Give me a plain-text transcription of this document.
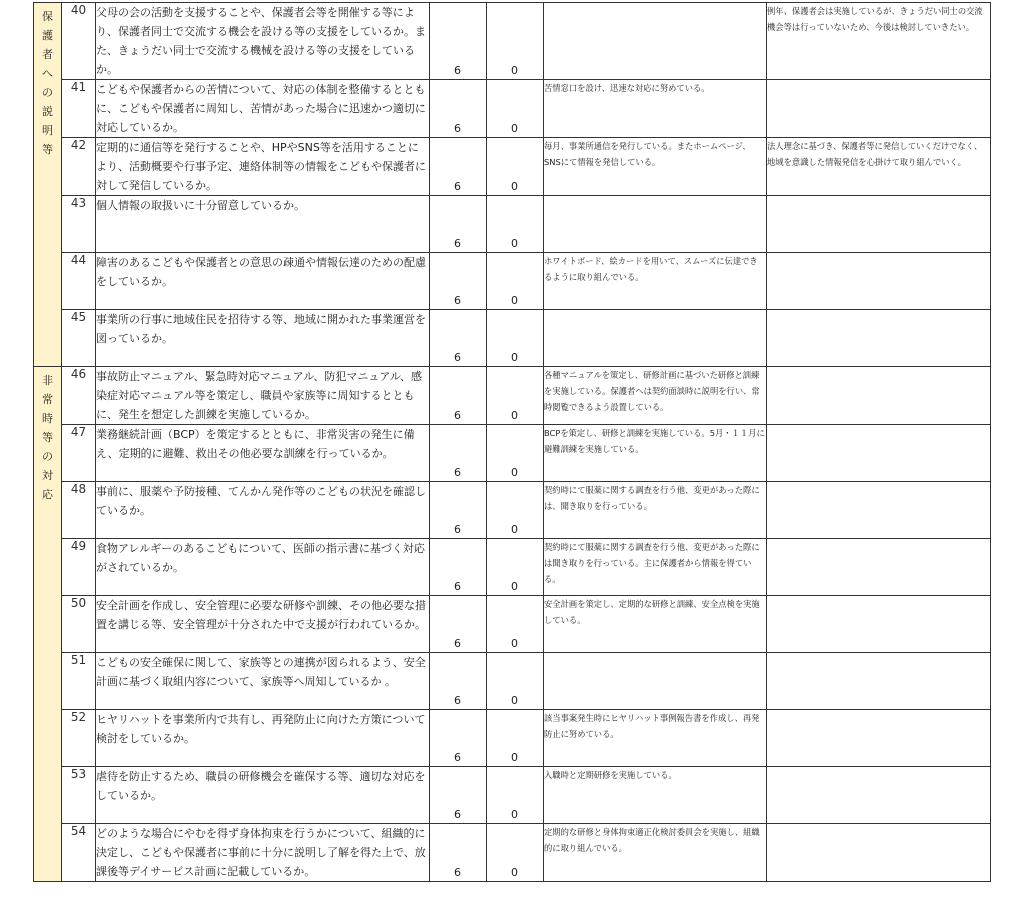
保護者への説明等	40	父母の会の活動を支援することや、保護者会等を開催する等により、保護者同士で交流する機会を設ける等の支援をしているか。また、きょうだい同士で交流する機械を設ける等の支援をしているか。	6	0		例年、保護者会は実施しているが、きょうだい同士の交流機会等は行っていないため、今後は検討していきたい。
	41	こどもや保護者からの苦情について、対応の体制を整備するとともに、こどもや保護者に周知し、苦情があった場合に迅速かつ適切に対応しているか。	6	0	苦情窓口を設け、迅速な対応に努めている。	
	42	定期的に通信等を発行することや、HPやSNS等を活用することにより、活動概要や行事予定、連絡体制等の情報をこどもや保護者に対して発信しているか。	6	0	毎月、事業所通信を発行している。またホームページ、SNSにて情報を発信している。	法人理念に基づき、保護者等に発信していくだけでなく、地域を意識した情報発信を心掛けて取り組んでいく。
	43	個人情報の取扱いに十分留意しているか。	6	0		

	44	障害のあるこどもや保護者との意思の疎通や情報伝達のための配慮をしているか。	6	0	ホワイトボード、絵カードを用いて、スムーズに伝達できるように取り組んでいる。	
	45	事業所の行事に地域住民を招待する等、地域に開かれた事業運営を図っているか。	6	0		

非常時等の対応	46	事故防止マニュアル、緊急時対応マニュアル、防犯マニュアル、感染症対応マニュアル等を策定し、職員や家族等に周知するとともに、発生を想定した訓練を実施しているか。	6	0	各種マニュアルを策定し、研修計画に基づいた研修と訓練を実施している。保護者へは契約面談時に説明を行い、常時閲覧できるよう設置している。	
	47	業務継続計画（BCP）を策定するとともに、非常災害の発生に備え、定期的に避難、救出その他必要な訓練を行っているか。	6	0	BCPを策定し、研修と訓練を実施している。5月・１１月に避難訓練を実施している。	
	48	事前に、服薬や予防接種、てんかん発作等のこどもの状況を確認しているか。	6	0	契約時にて服薬に関する調査を行う他、変更があった際には、聞き取りを行っている。	
	49	食物アレルギーのあるこどもについて、医師の指示書に基づく対応がされているか。	6	0	契約時にて服薬に関する調査を行う他、変更があった際には聞き取りを行っている。主に保護者から情報を得ている。	
	50	安全計画を作成し、安全管理に必要な研修や訓練、その他必要な措置を講じる等、安全管理が十分された中で支援が行われているか。	6	0	安全計画を策定し、定期的な研修と訓練、安全点検を実施している。	
	51	こどもの安全確保に関して、家族等との連携が図られるよう、安全計画に基づく取組内容について、家族等へ周知しているか 。	6	0		

	52	ヒヤリハットを事業所内で共有し、再発防止に向けた方策について検討をしているか。	6	0	該当事案発生時にヒヤリハット事例報告書を作成し、再発防止に努めている。	
	53	虐待を防止するため、職員の研修機会を確保する等、適切な対応をしているか。	6	0	入職時と定期研修を実施している。	
	54	どのような場合にやむを得ず身体拘束を行うかについて、組織的に決定し、こどもや保護者に事前に十分に説明し了解を得た上で、放課後等デイサービス計画に記載しているか。	6	0	定期的な研修と身体拘束適正化検討委員会を実施し、組織的に取り組んでいる。	
